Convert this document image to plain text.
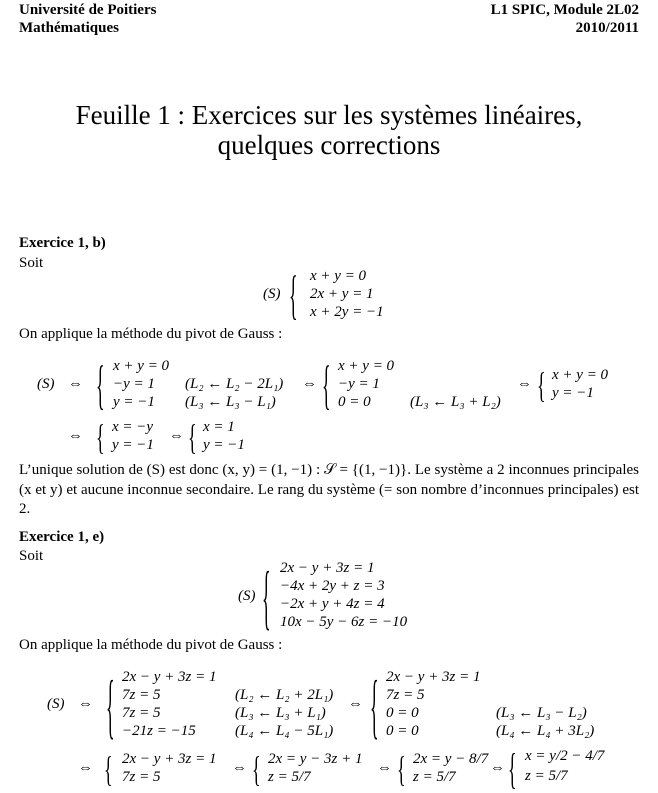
Université de Poitiers
Mathématiques
L1 SPIC, Module 2L02
2010/2011
Feuille 1 : Exercices sur les systèmes linéaires,
quelques corrections
Exercice 1, b)
Soit
(S) { x + y = 0
2x + y = 1
x + 2y = −1
On applique la méthode du pivot de Gauss :
(S) ⇔ { x + y = 0
−y = 1
y = −1
(L₂ ← L₂ − 2L₁)
(L₃ ← L₃ − L₁)
⇔ { x + y = 0
−y = 1
0 = 0	(L₃ ← L₃ + L₂)
⇔ { x + y = 0
y = −1
⇔ { x = −y
y = −1
⇔ { x = 1
y = −1
L’unique solution de (S) est donc (x, y) = (1, −1) : 𝒮 = {(1, −1)}. Le système a 2 inconnues principales (x et y) et aucune inconnue secondaire. Le rang du système (= son nombre d’inconnues principales) est 2.
Exercice 1, e)
Soit
(S) { 2x − y + 3z = 1
−4x + 2y + z = 3
−2x + y + 4z = 4
10x − 5y − 6z = −10
On applique la méthode du pivot de Gauss :
(S) ⇔ { 2x − y + 3z = 1
7z = 5
7z = 5
−21z = −15
(L₂ ← L₂ + 2L₁)
(L₃ ← L₃ + L₁)
(L₄ ← L₄ − 5L₁)
⇔ { 2x − y + 3z = 1
7z = 5
0 = 0
0 = 0
(L₃ ← L₃ − L₂)
(L₄ ← L₄ + 3L₂)
⇔ { 2x − y + 3z = 1
7z = 5
⇔ { 2x = y − 3z + 1
z = 5/7
⇔ { 2x = y − 8/7
z = 5/7
⇔ { x = y/2 − 4/7
z = 5/7
